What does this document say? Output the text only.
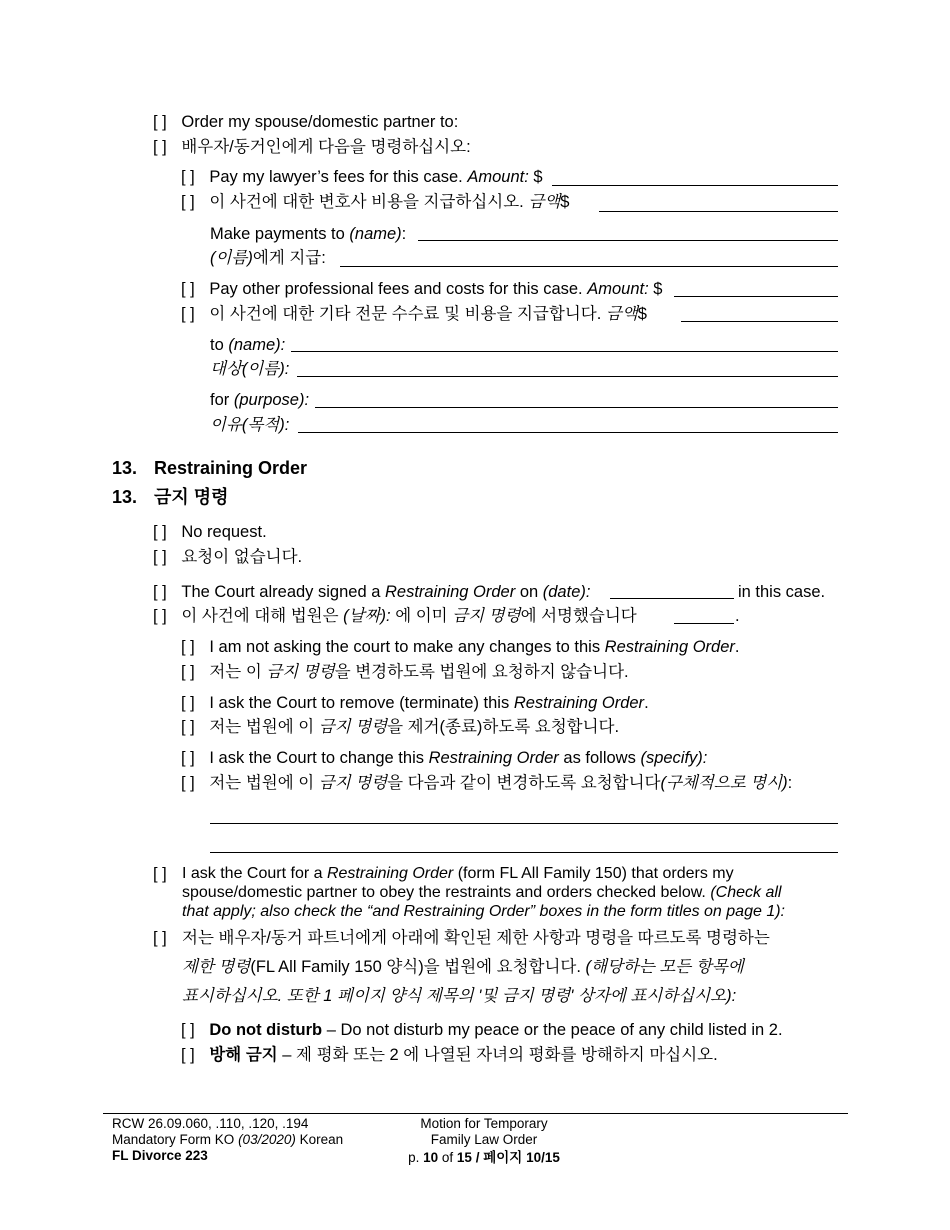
[ ] Order my spouse/domestic partner to:
[ ] 배우자/동거인에게 다음을 명령하십시오:
[ ] Pay my lawyer’s fees for this case. Amount: $
[ ] 이 사건에 대한 변호사 비용을 지급하십시오. 금액$
Make payments to (name):
(이름)에게 지급:
[ ] Pay other professional fees and costs for this case. Amount: $
[ ] 이 사건에 대한 기타 전문 수수료 및 비용을 지급합니다. 금액$
to (name):
대상(이름):
for (purpose):
이유(목적):
13. Restraining Order
13. 금지 명령
[ ] No request.
[ ] 요청이 없습니다.
[ ] The Court already signed a Restraining Order on (date):	in this case.
[ ] 이 사건에 대해 법원은 (날짜): 에 이미 금지 명령에 서명했습니다	.
[ ] I am not asking the court to make any changes to this Restraining Order.
[ ] 저는 이 금지 명령을 변경하도록 법원에 요청하지 않습니다.
[ ] I ask the Court to remove (terminate) this Restraining Order.
[ ] 저는 법원에 이 금지 명령을 제거(종료)하도록 요청합니다.
[ ] I ask the Court to change this Restraining Order as follows (specify):
[ ] 저는 법원에 이 금지 명령을 다음과 같이 변경하도록 요청합니다(구체적으로 명시):
[ ] I ask the Court for a Restraining Order (form FL All Family 150) that orders my
spouse/domestic partner to obey the restraints and orders checked below. (Check all
that apply; also check the “and Restraining Order” boxes in the form titles on page 1):
[ ] 저는 배우자/동거 파트너에게 아래에 확인된 제한 사항과 명령을 따르도록 명령하는
제한 명령(FL All Family 150 양식)을 법원에 요청합니다. (해당하는 모든 항목에
표시하십시오. 또한 1 페이지 양식 제목의 '및 금지 명령' 상자에 표시하십시오):
[ ] Do not disturb – Do not disturb my peace or the peace of any child listed in 2.
[ ] 방해 금지 – 제 평화 또는 2 에 나열된 자녀의 평화를 방해하지 마십시오.
RCW 26.09.060, .110, .120, .194
Mandatory Form KO (03/2020) Korean
FL Divorce 223
Motion for Temporary
Family Law Order
p. 10 of 15 / 페이지 10/15
